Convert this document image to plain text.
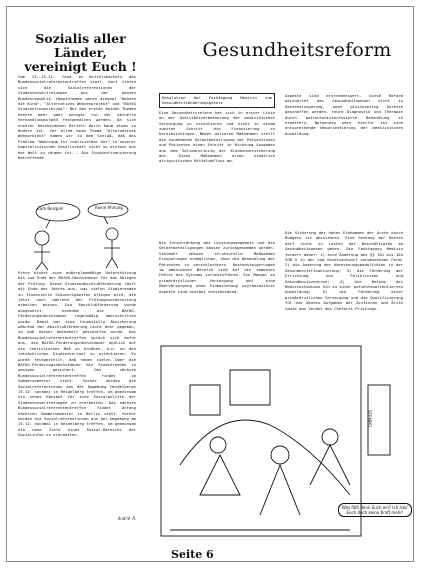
Sozialis aller Länder,
vereinigt Euch !
Gesundheitsreform

Vom 13.-15.11. fand im Wittelsbachers das Bundessozialreferententreffen statt. Dort trafen sich die Sozialreferentinnen der Studentenvertretungen aus der ganzen Bundesrepublik. Hauptthemen waren diesmal "Wohnen mit Kind", "Alternatives Wohnenprojekt" und "BAföG Studienfinanzierung". Bei den ersten beiden Themen konnte mehr oder weniger nur der aktuelle Verhandlungsstand festgehalten werden, da sich unserer bescheidenen Mitteln darin kaum etwas zu ändern ist. Vor allem beim Thema "Alternatives Wohnprojekt" kamen wir zu dem Schluß, daß das Problem "Wohnraum ist realisierbar Gut" in unserer kapitalistischen Gesellschaft nicht so einfach aus der Welt zu räumen ist... Die Studienfinanzierung betreffende

Zum Beispiel	Keine Ahnung

Echte bisher eine außerplanmäßige Unterstützung bis zum Ende der BAföG-Höchstdauer für das Ablegen der Prüfung. Diese Studienabschlußförderung läuft mit Ende des Jahres aus, was vielen Studierenden in finanzielle Schwierigkeiten bringen wird, die jetzt noch während der Prüfungsvorbereitung arbeiten müssen. Die Abschlußförderung wurde ausgesetzt, nachdem die BAföG-Förderungshöchstdauer regelmäßig überschritten wurde. Damit war eine finanzielle Absicherung während der Abschlußförderung nicht mehr gegeben, so daß dieser Notbehelf geschaffen wurde. Das Bundessozialreferententreffen sprach sich dafür aus, die BAföG-Förderungshöchstdauer endlich auf ein realistisches Maß zu erhöhen, d.h. an den tatsächlichen Studienverlauf zu orientieren. Es wurde festgestellt, daß neben vielen über die BAföG-Förderungshöchstdauer die Studierenden zu wenigen gesichert. Das nächste Bundessozialreferententreffen findet im Sommersemester statt. Vorher werden die Sozialreferentinnen aus der Umgebung Heidelbergs 15.12. nochmal in Heidelberg treffen, um gemeinsam ein neues Konzept für eine Sozialpolitik der Studentenvertretungen zu erarbeiten. Das nächste Bundessozialreferententreffen findet Anfang nächsten Sommersemester in Berlin statt. Vorher werden die Sozialreferentinnen aus der Umgebung am 15.12. nochmal in Heidelberg treffen, um gemeinsam ein neue Ziele eines Sozial-Bereichs der Sozialinfos zu erarbeiten.

André R.
Resolution der Fachtagung Medizin zum Gesundheitsänderungsgesetz

Eine Gesundheitsreform hat sich in erster Linie an der Qualitätsverbesserung der medizinischen Versorgung zu orientieren und nicht in einem zweiten Schritt die Finanzierung zu berücksichtigen. Neben weiteren Maßnahmen stellt die zunehmende Selbstbeteiligung der Patientinnen und Patienten einen Schritt in Richtung Ausgaben aus dem Solidarprinzip der Krankenversicherung dar. Diese Maßnahmen einen staatlich dirigistischen Mittelabfluss ab.

Die Einschränkung des Leistungsangebots und die Selbstbeteiligungen müssen zurückgenommen werden. Vielmehr müssen strukturelle Maßnahmen Einsparungen ermöglichen, ohne die Behandlung der Patienten zu verschlechtern. Kostensteigerungen im ambulanten Bereich sind auf ein immenses Fehler des Systems zurückzuführen. Ein Mangel an primärärztlicher Versorgung und eine Überversorgung ohne Einbeziehung psychosozialer Aspekte sind hierbei entscheidend.

Aspekte sind erstrebenswert. Diese Reform beinhaltet das Gesundheitswesen nicht zu Kosteneinsparung, wenn gleichzeitig Anreize geschaffen werden, teure Diagnostik und Therapie durch patienteninteressierte Behandlung zu erweitern. Notwendig wäre hierfür ist eine entsprechende Neuorientierung der medizinischen Ausbildung.

Die Sicherung der hohen Einkommen der Ärzte durch Budgets ist abzulehnen. Eine Senkung der Kosten darf nicht zu Lasten der Beschäftigten im Gesundheitswesen gehen. Die Fachtagung Medizin fordert daher: 1) eine Änderung des §§ 101 bis 104 SGB V in der vom Gesetzentwurf vorgesehenen Form; 2) die Änderung der Abrechnungsmodalitäten in der Gesundheitsfinanzierung; 3) die Förderung der Errichtung von Polikliniken und Gesundheitszentren; 4) die Reform des Medizinstudiums hin zu einer patientenorientierten Ausbildung; 5) die Förderung einer primärärztlichen Versorgung und die Qualifizierung für die akuten Aufgaben der Ärztinnen und Ärzte sowie das Verbot des Chefarzt-Privilegs.

Was fällt denn Euch ein? Ich hab' Euch doch keine Kraft mehr!
STEMPEL
Seite 6
